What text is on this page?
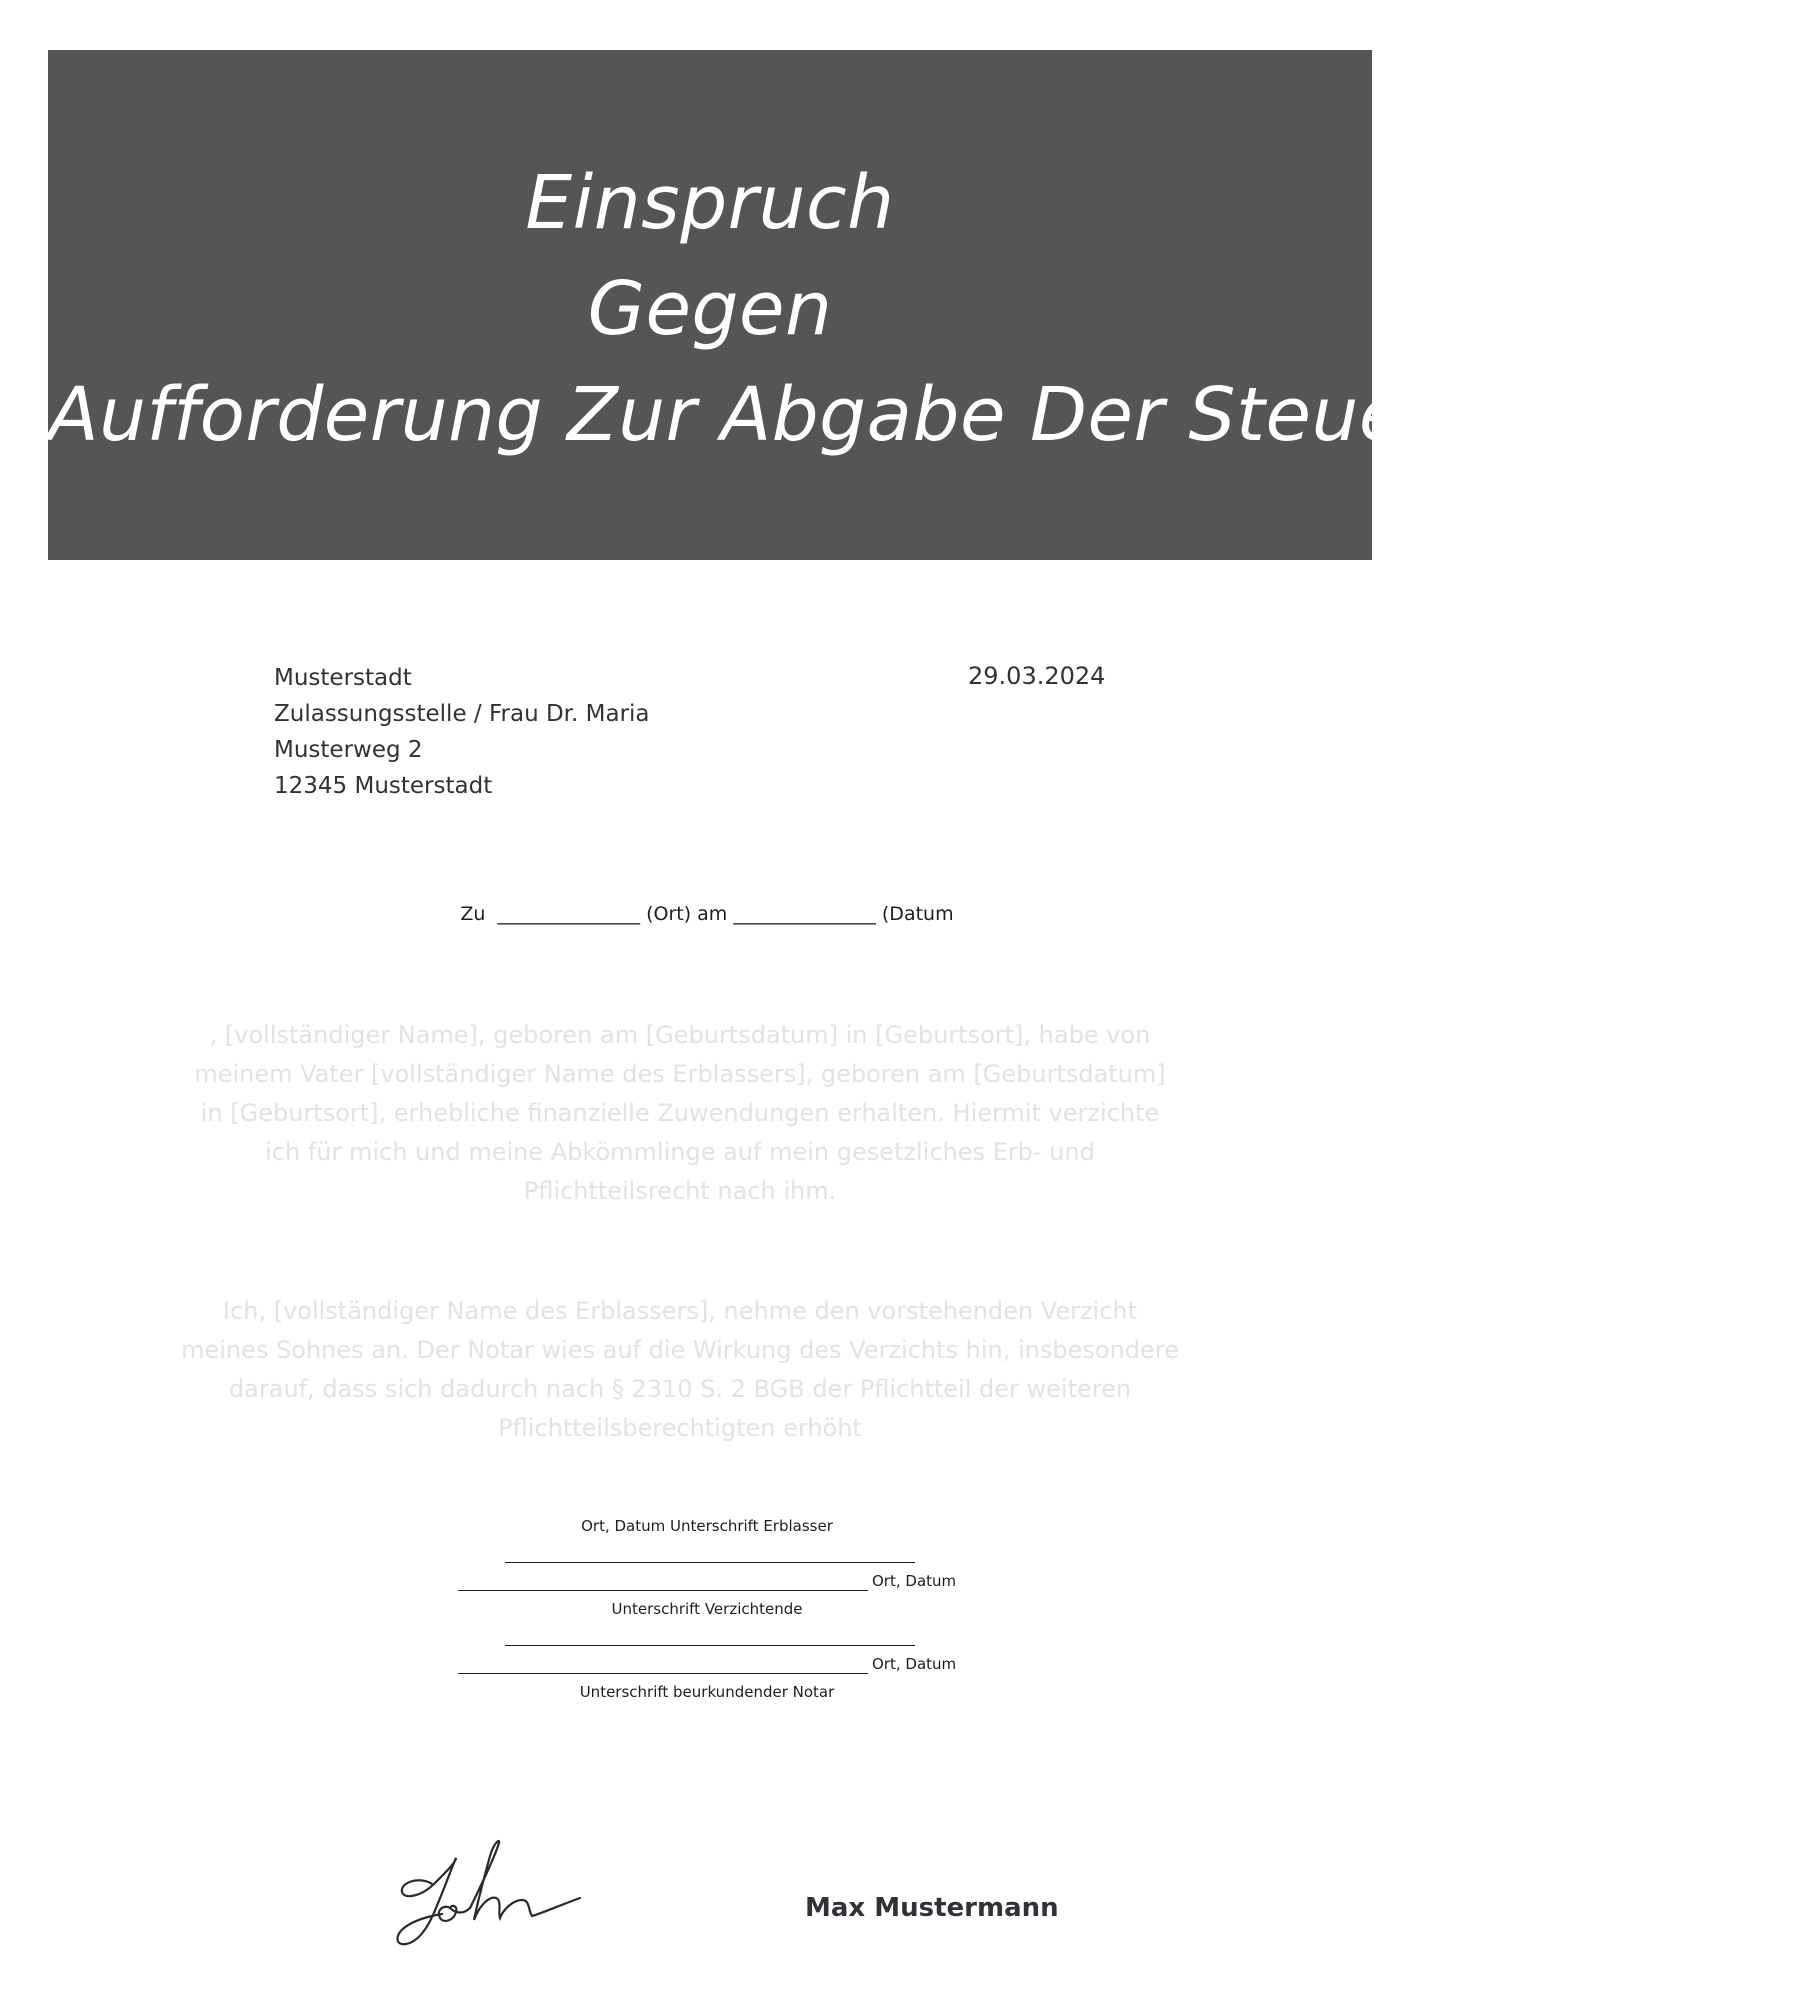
Einspruch
Gegen
Aufforderung Zur Abgabe Der Steuererklärung
Musterstadt
Zulassungsstelle / Frau Dr. Maria
Musterweg 2
12345 Musterstadt
29.03.2024
Zu  _______________ (Ort) am _______________ (Datum
, [vollständiger Name], geboren am [Geburtsdatum] in [Geburtsort], habe von meinem Vater [vollständiger Name des Erblassers], geboren am [Geburtsdatum] in [Geburtsort], erhebliche finanzielle Zuwendungen erhalten. Hiermit verzichte ich für mich und meine Abkömmlinge auf mein gesetzliches Erb- und Pflichtteilsrecht nach ihm.
Ich, [vollständiger Name des Erblassers], nehme den vorstehenden Verzicht meines Sohnes an. Der Notar wies auf die Wirkung des Verzichts hin, insbesondere darauf, dass sich dadurch nach § 2310 S. 2 BGB der Pflichtteil der weiteren Pflichtteilsberechtigten erhöht
Ort, Datum Unterschrift Erblasser
Ort, Datum
Unterschrift Verzichtende
Ort, Datum
Unterschrift beurkundender Notar
Max Mustermann
